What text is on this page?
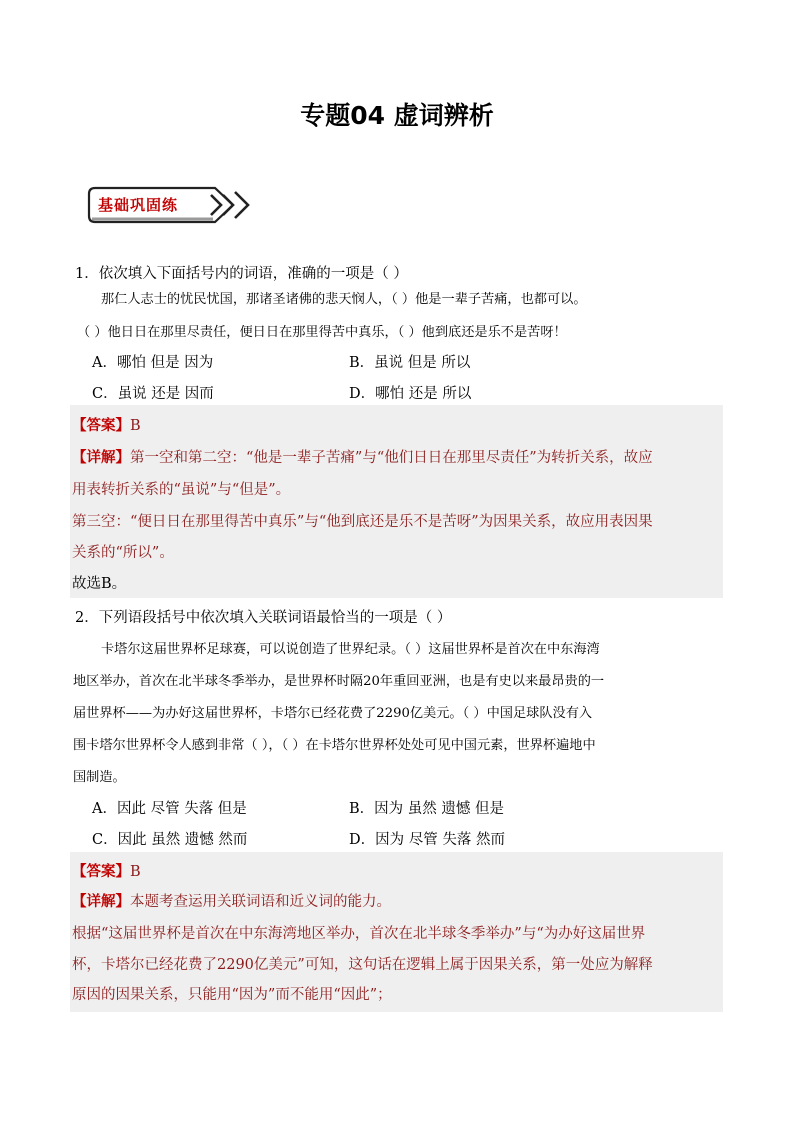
专题04 虚词辨析
基础巩固练
1．依次填入下面括号内的词语，准确的一项是（ ）
那仁人志士的忧民忧国，那诸圣诸佛的悲天悯人，（ ）他是一辈子苦痛，也都可以。
（ ）他日日在那里尽责任，便日日在那里得苦中真乐，（ ）他到底还是乐不是苦呀！
A．哪怕 但是 因为	B．虽说 但是 所以
C．虽说 还是 因而	D．哪怕 还是 所以
【答案】B
【详解】第一空和第二空：“他是一辈子苦痛”与“他们日日在那里尽责任”为转折关系，故应
用表转折关系的“虽说”与“但是”。
第三空：“便日日在那里得苦中真乐”与“他到底还是乐不是苦呀”为因果关系，故应用表因果
关系的“所以”。
故选B。
2．下列语段括号中依次填入关联词语最恰当的一项是（ ）
卡塔尔这届世界杯足球赛，可以说创造了世界纪录。（ ）这届世界杯是首次在中东海湾
地区举办，首次在北半球冬季举办，是世界杯时隔20年重回亚洲，也是有史以来最昂贵的一
届世界杯——为办好这届世界杯，卡塔尔已经花费了2290亿美元。（ ）中国足球队没有入
围卡塔尔世界杯令人感到非常（ ），（ ）在卡塔尔世界杯处处可见中国元素，世界杯遍地中
国制造。
A．因此 尽管 失落 但是	B．因为 虽然 遗憾 但是
C．因此 虽然 遗憾 然而	D．因为 尽管 失落 然而
【答案】B
【详解】本题考查运用关联词语和近义词的能力。
根据“这届世界杯是首次在中东海湾地区举办，首次在北半球冬季举办”与“为办好这届世界
杯，卡塔尔已经花费了2290亿美元”可知，这句话在逻辑上属于因果关系，第一处应为解释
原因的因果关系，只能用“因为”而不能用“因此”；
